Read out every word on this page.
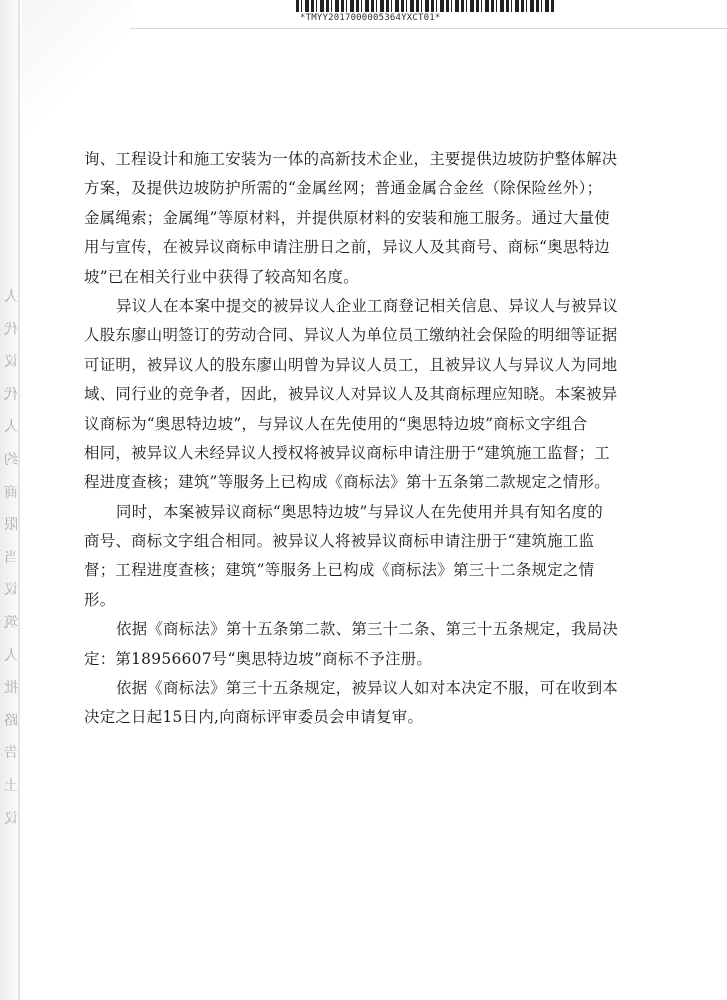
*TMYY2017000005364YXCT01*
人
代
议
代
人
约
商
限
当
议
筑
人
批
路
告
土
议
询、工程设计和施工安装为一体的高新技术企业，主要提供边坡防护整体解决
方案，及提供边坡防护所需的“金属丝网；普通金属合金丝（除保险丝外）；
金属绳索；金属绳”等原材料，并提供原材料的安装和施工服务。通过大量使
用与宣传，在被异议商标申请注册日之前，异议人及其商号、商标“奥思特边
坡”已在相关行业中获得了较高知名度。
异议人在本案中提交的被异议人企业工商登记相关信息、异议人与被异议
人股东廖山明签订的劳动合同、异议人为单位员工缴纳社会保险的明细等证据
可证明，被异议人的股东廖山明曾为异议人员工，且被异议人与异议人为同地
域、同行业的竞争者，因此，被异议人对异议人及其商标理应知晓。本案被异
议商标为“奥思特边坡”，与异议人在先使用的“奥思特边坡”商标文字组合
相同，被异议人未经异议人授权将被异议商标申请注册于“建筑施工监督；工
程进度查核；建筑”等服务上已构成《商标法》第十五条第二款规定之情形。
同时，本案被异议商标“奥思特边坡”与异议人在先使用并具有知名度的
商号、商标文字组合相同。被异议人将被异议商标申请注册于“建筑施工监
督；工程进度查核；建筑”等服务上已构成《商标法》第三十二条规定之情
形。
依据《商标法》第十五条第二款、第三十二条、第三十五条规定，我局决
定：第18956607号“奥思特边坡”商标不予注册。
依据《商标法》第三十五条规定，被异议人如对本决定不服，可在收到本
决定之日起15日内,向商标评审委员会申请复审。
